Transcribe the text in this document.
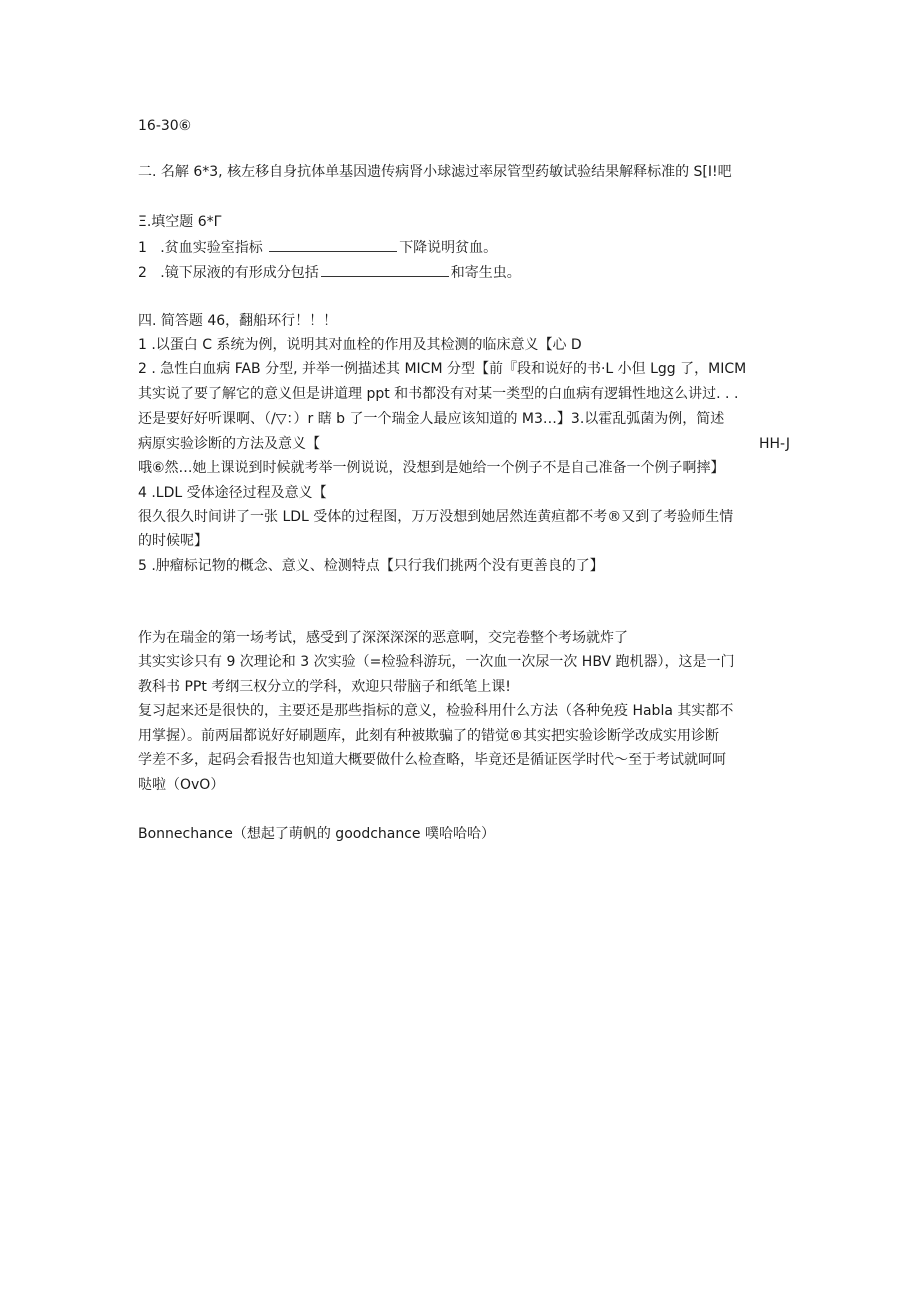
16-30⑥
二. 名解 6*3, 核左移自身抗体单基因遗传病肾小球滤过率尿管型药敏试验结果解释标准的 S[I!吧
Ξ.填空题 6*Γ
1 .贫血实验室指标	下降说明贫血。
2 .镜下尿液的有形成分包括	和寄生虫。
四. 简答题 46，翻船环行！！！
1 .以蛋白 C 系统为例，说明其对血栓的作用及其检测的临床意义【心 D
2 . 急性白血病 FAB 分型, 并举一例描述其 MICM 分型【前『段和说好的书·L 小但 Lgg 了，MICM
其实说了要了解它的意义但是讲道理 ppt 和书都没有对某一类型的白血病有逻辑性地这么讲过. . .
还是要好好听课啊、（/▽：）r 瞎 b 了一个瑞金人最应该知道的 M3…】3.以霍乱弧菌为例，简述
病原实验诊断的方法及意义【	HH-J
哦⑥然…她上课说到时候就考举一例说说，没想到是她给一个例子不是自己准备一个例子啊摔】
4 .LDL 受体途径过程及意义【
很久很久时间讲了一张 LDL 受体的过程图，万万没想到她居然连黄疸都不考®又到了考验师生情
的时候呢】
5 .肿瘤标记物的概念、意义、检测特点【只行我们挑两个没有更善良的了】
作为在瑞金的第一场考试，感受到了深深深深的恶意啊，交完卷整个考场就炸了
其实实诊只有 9 次理论和 3 次实验（=检验科游玩，一次血一次尿一次 HBV 跑机器），这是一门
教科书 PPt 考纲三权分立的学科，欢迎只带脑子和纸笔上课!
复习起来还是很快的，主要还是那些指标的意义，检验科用什么方法（各种免疫 Habla 其实都不
用掌握）。前两届都说好好刷题库，此刻有种被欺骗了的错觉®其实把实验诊断学改成实用诊断
学差不多，起码会看报告也知道大概要做什么检查略，毕竟还是循证医学时代～至于考试就呵呵
哒啦（OvO）
Bonnechance（想起了萌帆的 goodchance 噗哈哈哈）
